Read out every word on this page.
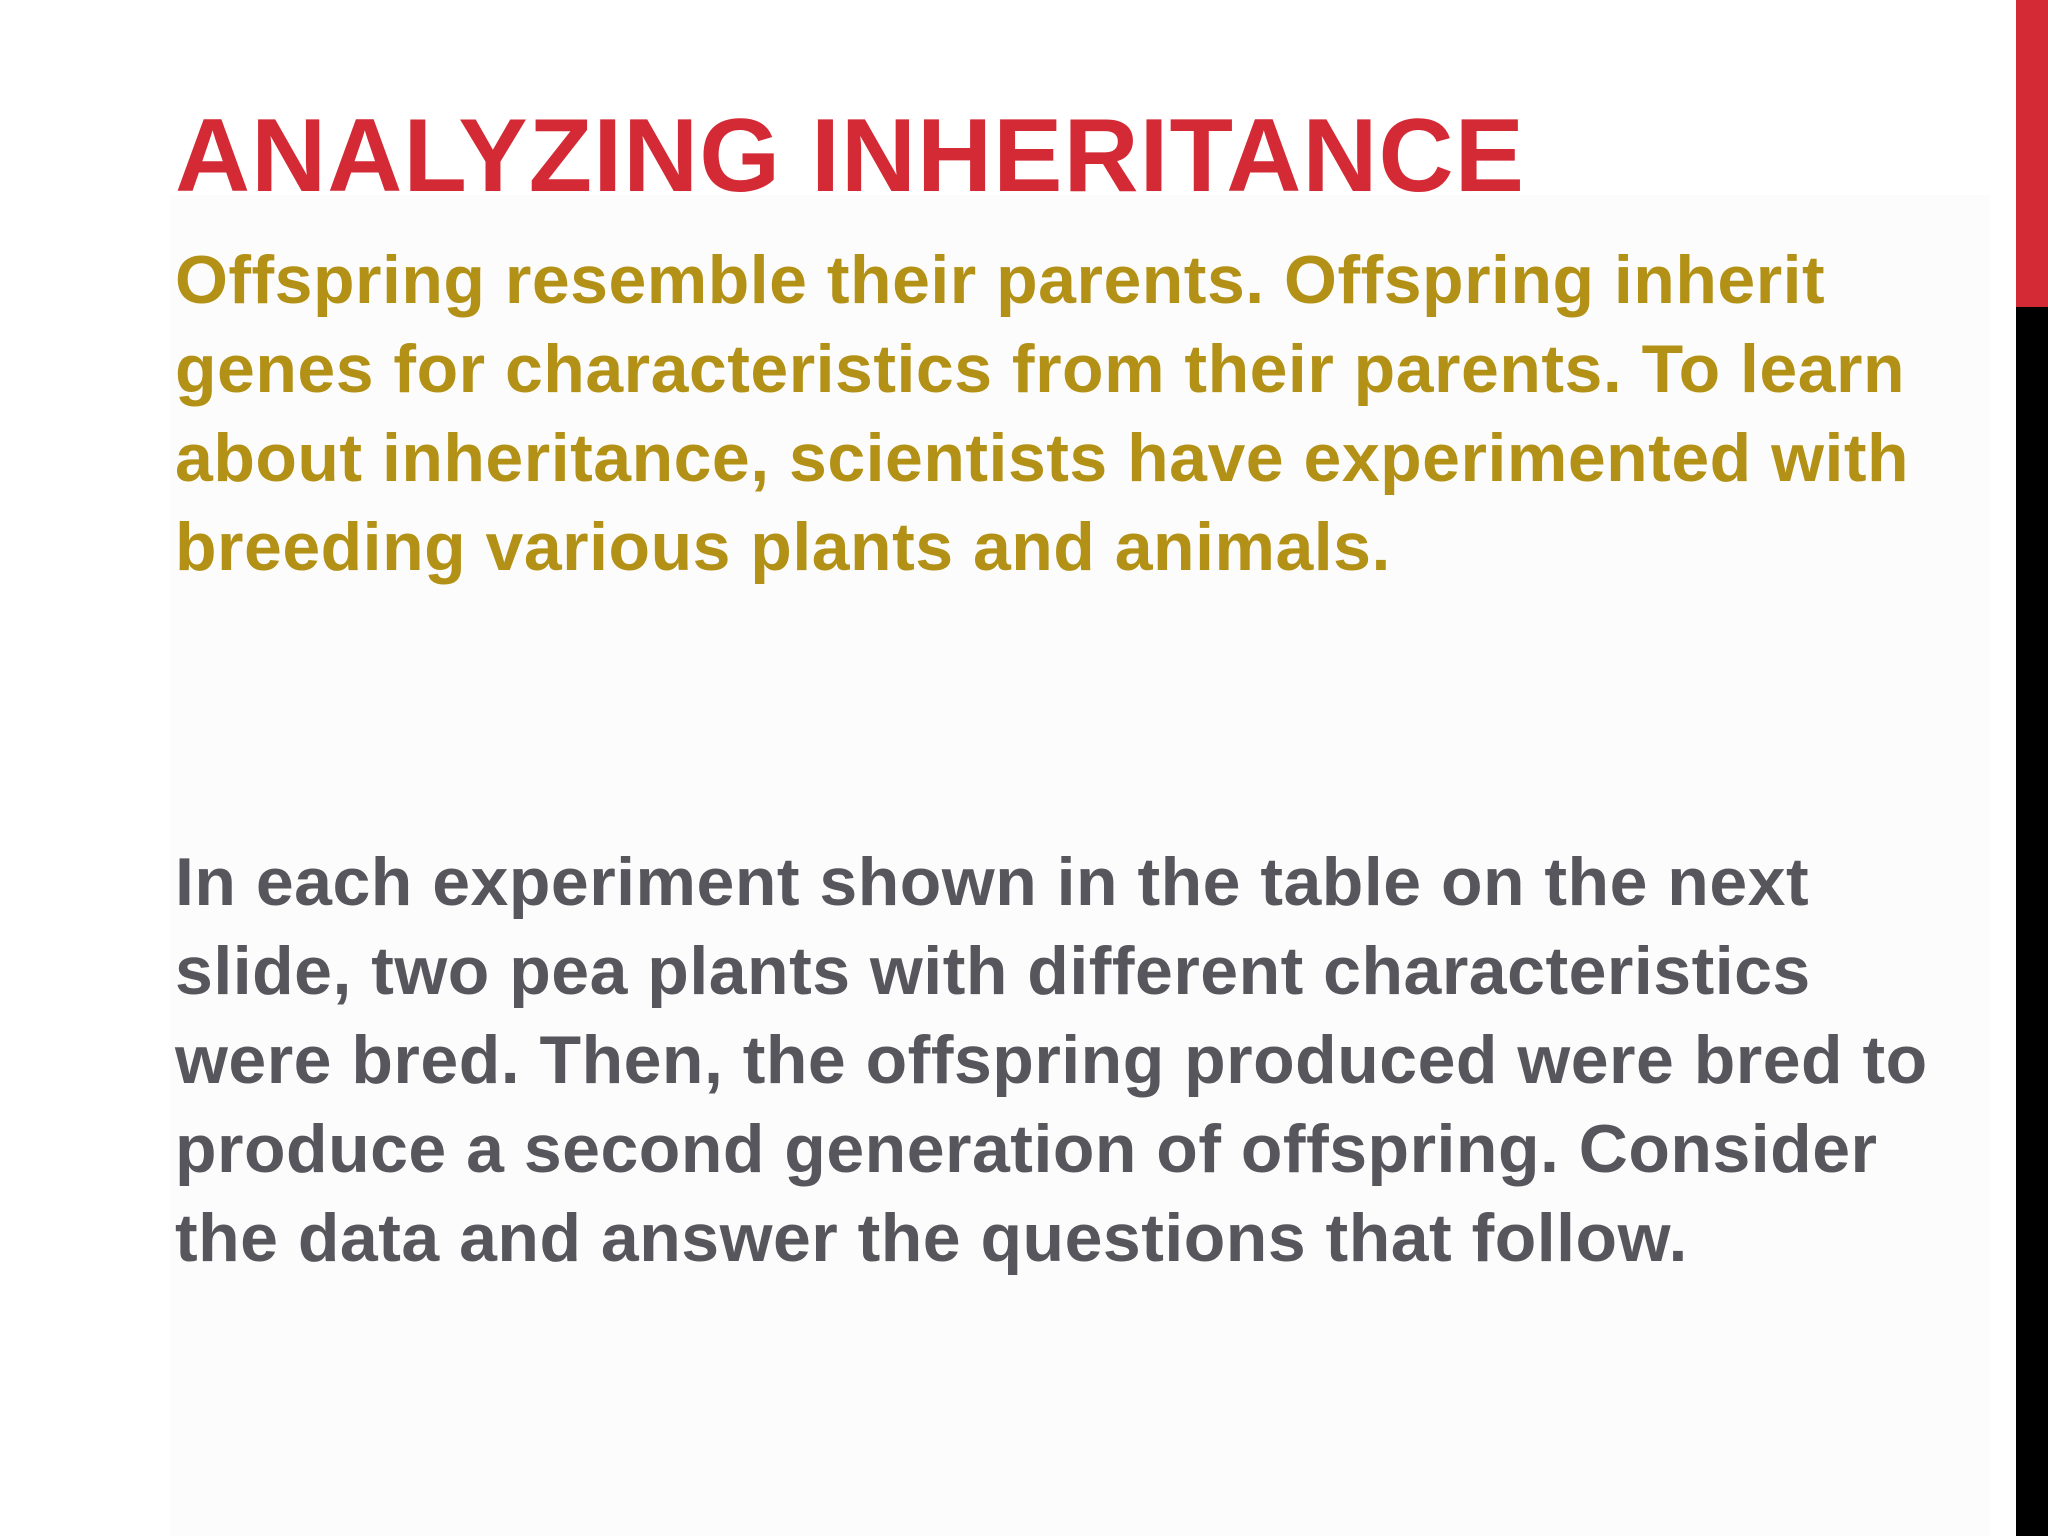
ANALYZING INHERITANCE

Offspring resemble their parents. Offspring inherit genes for characteristics from their parents. To learn about inheritance, scientists have experimented with breeding various plants and animals.

In each experiment shown in the table on the next slide, two pea plants with different characteristics were bred. Then, the offspring produced were bred to produce a second generation of offspring. Consider the data and answer the questions that follow.
